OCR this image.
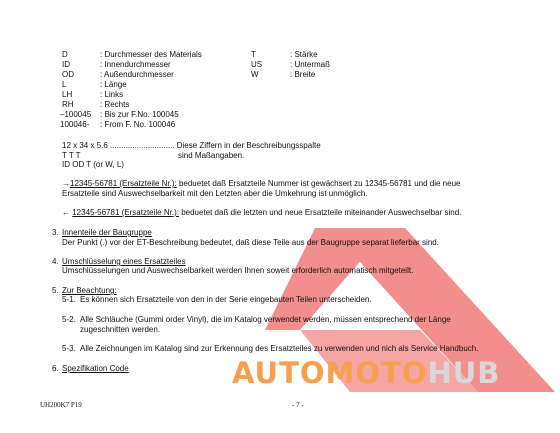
D	: Durchmesser des Materials
ID	: Innendurchmesser
OD	: Außendurchmesser
L	: Länge
LH	: Links
RH	: Rechts
–100045 : Bis zur F.No. 100045
100046- : From F. No. 100046
T	: Stärke
US	: Untermaß
W	: Breite
12 x 34 x 5.6 ............................. Diese Ziffern in der Beschreibungsspalte
T T T	sind Maßangaben.
ID OD T (or W, L)
→12345-56781 (Ersatzteile Nr.): beduetet daß Ersatzteile Nummer ist gewächsert zu 12345-56781 und die neue
Ersatzteile sind Auswechselbarkeit mit den Letzten aber die Umkehrung ist unmöglich.
← 12345-56781 (Ersatzteile Nr.): beduetet daß die letzten und neue Ersatzteile miteinander Auswechselbar sind.
3. Innenteile der Baugruppe
Der Punkt (.) vor der ET-Beschreibung bedeutet, daß diese Teile aus der Baugruppe separat lieferbar sind.
4. Umschlüsselung eines Ersatzteiles
Umschlüsselungen und Auswechselbarkeit werden Ihnen soweit erforderlich automatisch mitgeteilt.
5. Zur Beachtung:
5-1. Es können sich Ersatzteile von den in der Serie eingebauten Teilen unterscheiden.
5-2. Alle Schläuche (Gummi order Vinyl), die im Katalog verwendet werden, müssen entsprechend der Länge
zugeschnitten werden.
5-3. Alle Zeichnungen im Katalog sind zur Erkennung des Ersatzteiles zu verwenden und nich als Service Handbuch.
6. Spezifikation Code	AUTOMOTOHUB
UH200K7 P19	- 7 -
